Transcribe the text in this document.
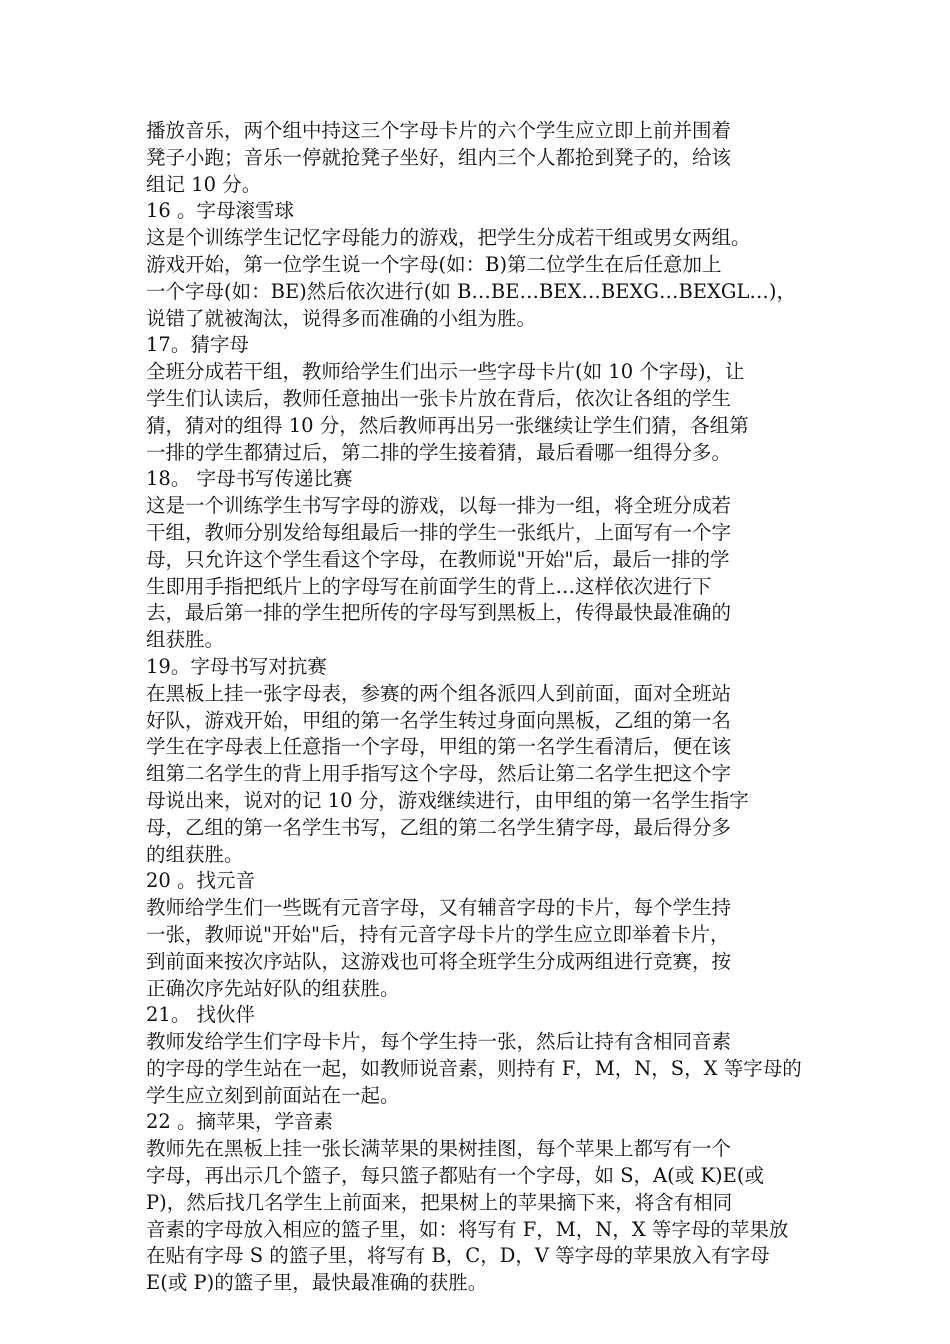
播放音乐，两个组中持这三个字母卡片的六个学生应立即上前并围着
凳子小跑；音乐一停就抢凳子坐好，组内三个人都抢到凳子的，给该
组记 10 分。
16 。字母滚雪球
这是个训练学生记忆字母能力的游戏，把学生分成若干组或男女两组。
游戏开始，第一位学生说一个字母(如：B)第二位学生在后任意加上
一个字母(如：BE)然后依次进行(如 B…BE…BEX…BEXG…BEXGL…)，
说错了就被淘汰，说得多而准确的小组为胜。
17。猜字母
全班分成若干组，教师给学生们出示一些字母卡片(如 10 个字母)，让
学生们认读后，教师任意抽出一张卡片放在背后，依次让各组的学生
猜，猜对的组得 10 分，然后教师再出另一张继续让学生们猜，各组第
一排的学生都猜过后，第二排的学生接着猜，最后看哪一组得分多。
18。 字母书写传递比赛
这是一个训练学生书写字母的游戏，以每一排为一组，将全班分成若
干组，教师分别发给每组最后一排的学生一张纸片，上面写有一个字
母，只允许这个学生看这个字母，在教师说"开始"后，最后一排的学
生即用手指把纸片上的字母写在前面学生的背上…这样依次进行下
去，最后第一排的学生把所传的字母写到黑板上，传得最快最准确的
组获胜。
19。字母书写对抗赛
在黑板上挂一张字母表，参赛的两个组各派四人到前面，面对全班站
好队，游戏开始，甲组的第一名学生转过身面向黑板，乙组的第一名
学生在字母表上任意指一个字母，甲组的第一名学生看清后，便在该
组第二名学生的背上用手指写这个字母，然后让第二名学生把这个字
母说出来，说对的记 10 分，游戏继续进行，由甲组的第一名学生指字
母，乙组的第一名学生书写，乙组的第二名学生猜字母，最后得分多
的组获胜。
20 。找元音
教师给学生们一些既有元音字母，又有辅音字母的卡片，每个学生持
一张，教师说"开始"后，持有元音字母卡片的学生应立即举着卡片，
到前面来按次序站队，这游戏也可将全班学生分成两组进行竞赛，按
正确次序先站好队的组获胜。
21。 找伙伴
教师发给学生们字母卡片，每个学生持一张，然后让持有含相同音素
的字母的学生站在一起，如教师说音素，则持有 F，M，N，S，X 等字母的
学生应立刻到前面站在一起。
22 。摘苹果，学音素
教师先在黑板上挂一张长满苹果的果树挂图，每个苹果上都写有一个
字母，再出示几个篮子，每只篮子都贴有一个字母，如 S，A(或 K)E(或
P)，然后找几名学生上前面来，把果树上的苹果摘下来，将含有相同
音素的字母放入相应的篮子里，如：将写有 F，M，N，X 等字母的苹果放
在贴有字母 S 的篮子里，将写有 B，C，D，V 等字母的苹果放入有字母
E(或 P)的篮子里，最快最准确的获胜。
